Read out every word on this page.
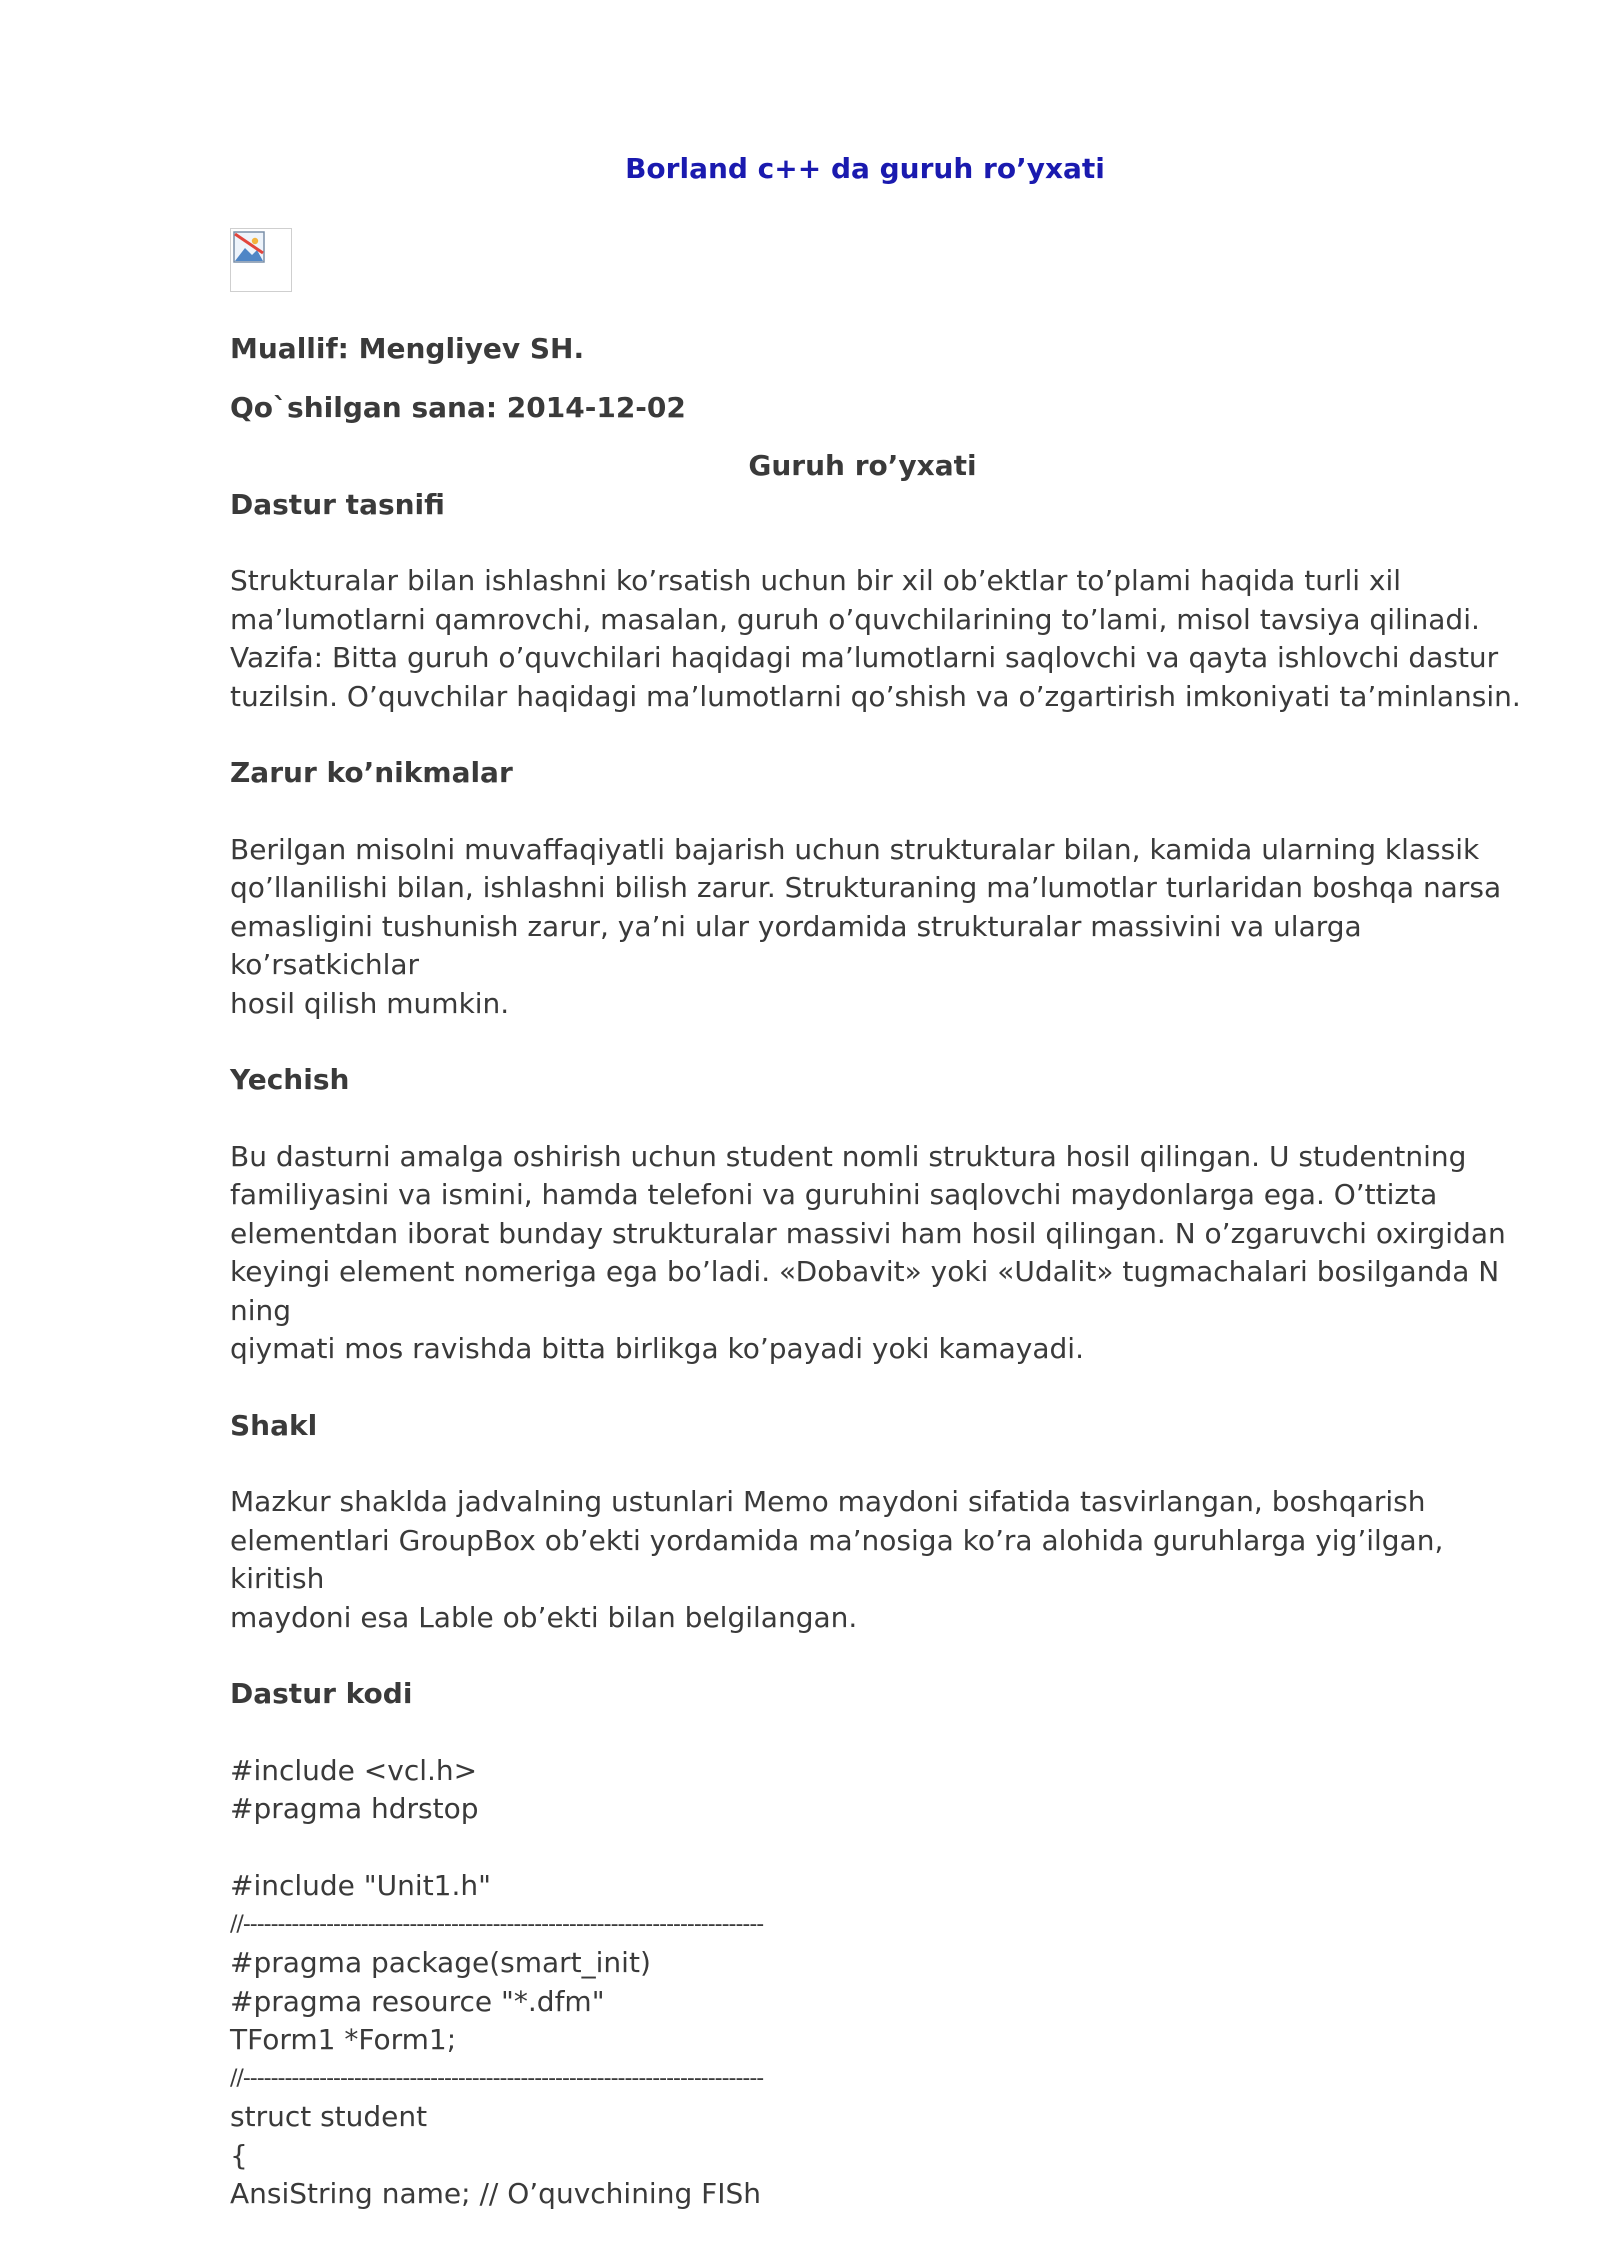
Borland c++ da guruh ro’yxati

Muallif: Mengliyev SH.

Qo`shilgan sana: 2014-12-02

Guruh ro’yxati

Dastur tasnifi

Strukturalar bilan ishlashni ko’rsatish uchun bir xil ob’ektlar to’plami haqida turli xil
ma’lumotlarni qamrovchi, masalan, guruh o’quvchilarining to’lami, misol tavsiya qilinadi.
Vazifa: Bitta guruh o’quvchilari haqidagi ma’lumotlarni saqlovchi va qayta ishlovchi dastur
tuzilsin. O’quvchilar haqidagi ma’lumotlarni qo’shish va o’zgartirish imkoniyati ta’minlansin.

Zarur ko’nikmalar

Berilgan misolni muvaffaqiyatli bajarish uchun strukturalar bilan, kamida ularning klassik
qo’llanilishi bilan, ishlashni bilish zarur. Strukturaning ma’lumotlar turlaridan boshqa narsa
emasligini tushunish zarur, ya’ni ular yordamida strukturalar massivini va ularga ko’rsatkichlar
hosil qilish mumkin.

Yechish

Bu dasturni amalga oshirish uchun student nomli struktura hosil qilingan. U studentning
familiyasini va ismini, hamda telefoni va guruhini saqlovchi maydonlarga ega. O’ttizta
elementdan iborat bunday strukturalar massivi ham hosil qilingan. N o’zgaruvchi oxirgidan
keyingi element nomeriga ega bo’ladi. «Dobavit» yoki «Udalit» tugmachalari bosilganda N ning
qiymati mos ravishda bitta birlikga ko’payadi yoki kamayadi.

Shakl

Mazkur shaklda jadvalning ustunlari Memo maydoni sifatida tasvirlangan, boshqarish
elementlari GroupBox ob’ekti yordamida ma’nosiga ko’ra alohida guruhlarga yig’ilgan, kiritish
maydoni esa Lable ob’ekti bilan belgilangan.

Dastur kodi

#include <vcl.h>
#pragma hdrstop
#include "Unit1.h"
//---------------------------------------------------------------------------
#pragma package(smart_init)
#pragma resource "*.dfm"
TForm1 *Form1;
//---------------------------------------------------------------------------
struct student
{
AnsiString name; // O’quvchining FISh
